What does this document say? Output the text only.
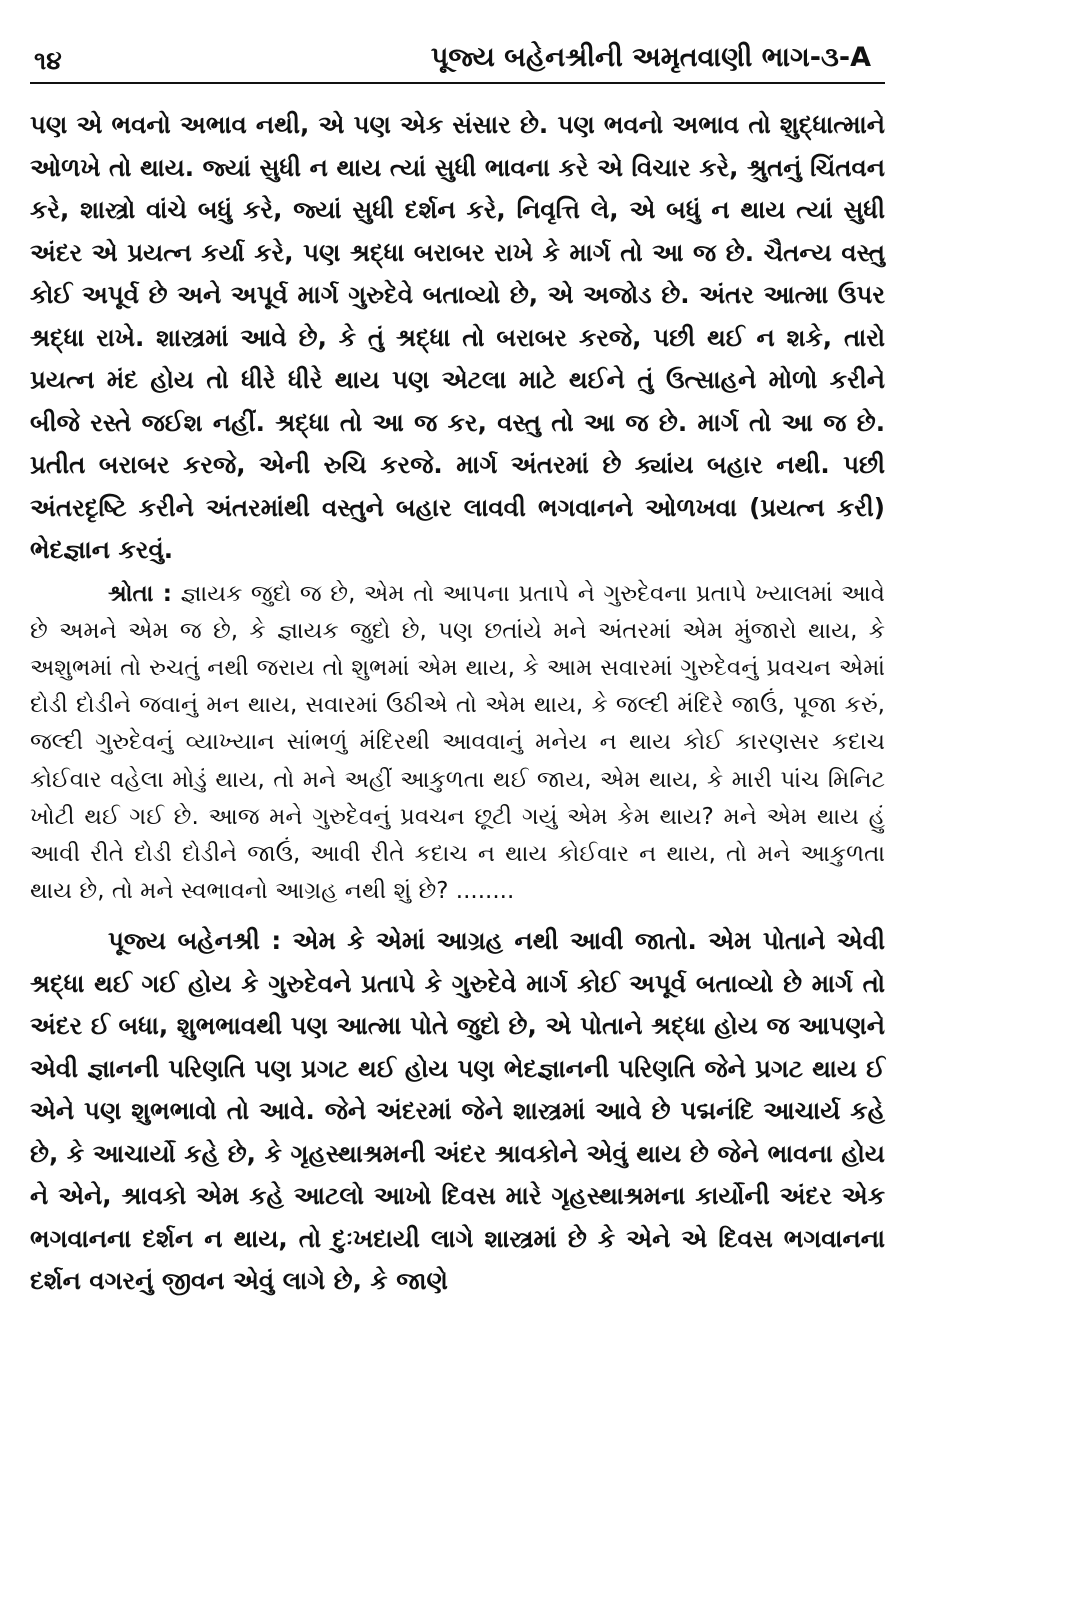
૧૪	પૂજ્ય બહેનશ્રીની અમૃતવાણી ભાગ-૩-A

પણ એ ભવનો અભાવ નથી, એ પણ એક સંસાર છે. પણ ભવનો અભાવ તો શુદ્ધાત્માને ઓળખે તો થાય. જ્યાં સુધી ન થાય ત્યાં સુધી ભાવના કરે એ વિચાર કરે, શ્રુતનું ચિંતવન કરે, શાસ્ત્રો વાંચે બધું કરે, જ્યાં સુધી દર્શન કરે, નિવૃત્તિ લે, એ બધું ન થાય ત્યાં સુધી અંદર એ પ્રયત્ન કર્યા કરે, પણ શ્રદ્ધા બરાબર રાખે કે માર્ગ તો આ જ છે. ચૈતન્ય વસ્તુ કોઈ અપૂર્વ છે અને અપૂર્વ માર્ગ ગુરુદેવે બતાવ્યો છે, એ અજોડ છે. અંતર આત્મા ઉપર શ્રદ્ધા રાખે. શાસ્ત્રમાં આવે છે, કે તું શ્રદ્ધા તો બરાબર કરજે, પછી થઈ ન શકે, તારો પ્રયત્ન મંદ હોય તો ધીરે ધીરે થાય પણ એટલા માટે થઈને તું ઉત્સાહને મોળો કરીને બીજે રસ્તે જઈશ નહીં. શ્રદ્ધા તો આ જ કર, વસ્તુ તો આ જ છે. માર્ગ તો આ જ છે. પ્રતીત બરાબર કરજે, એની રુચિ કરજે. માર્ગ અંતરમાં છે ક્યાંય બહાર નથી. પછી અંતરદૃષ્ટિ કરીને અંતરમાંથી વસ્તુને બહાર લાવવી ભગવાનને ઓળખવા (પ્રયત્ન કરી) ભેદજ્ઞાન કરવું.

શ્રોતા : જ્ઞાયક જુદો જ છે, એમ તો આપના પ્રતાપે ને ગુરુદેવના પ્રતાપે ખ્યાલમાં આવે છે અમને એમ જ છે, કે જ્ઞાયક જુદો છે, પણ છતાંયે મને અંતરમાં એમ મુંજારો થાય, કે અશુભમાં તો રુચતું નથી જરાય તો શુભમાં એમ થાય, કે આમ સવારમાં ગુરુદેવનું પ્રવચન એમાં દોડી દોડીને જવાનું મન થાય, સવારમાં ઉઠીએ તો એમ થાય, કે જલ્દી મંદિરે જાઉં, પૂજા કરું, જલ્દી ગુરુદેવનું વ્યાખ્યાન સાંભળું મંદિરથી આવવાનું મનેય ન થાય કોઈ કારણસર કદાચ કોઈવાર વહેલા મોડું થાય, તો મને અહીં આકુળતા થઈ જાય, એમ થાય, કે મારી પાંચ મિનિટ ખોટી થઈ ગઈ છે. આજ મને ગુરુદેવનું પ્રવચન છૂટી ગયું એમ કેમ થાય? મને એમ થાય હું આવી રીતે દોડી દોડીને જાઉં, આવી રીતે કદાચ ન થાય કોઈવાર ન થાય, તો મને આકુળતા થાય છે, તો મને સ્વભાવનો આગ્રહ નથી શું છે? ........

પૂજ્ય બહેનશ્રી : એમ કે એમાં આગ્રહ નથી આવી જાતો. એમ પોતાને એવી શ્રદ્ધા થઈ ગઈ હોય કે ગુરુદેવને પ્રતાપે કે ગુરુદેવે માર્ગ કોઈ અપૂર્વ બતાવ્યો છે માર્ગ તો અંદર ઈ બધા, શુભભાવથી પણ આત્મા પોતે જુદો છે, એ પોતાને શ્રદ્ધા હોય જ આપણને એવી જ્ઞાનની પરિણતિ પણ પ્રગટ થઈ હોય પણ ભેદજ્ઞાનની પરિણતિ જેને પ્રગટ થાય ઈ એને પણ શુભભાવો તો આવે. જેને અંદરમાં જેને શાસ્ત્રમાં આવે છે પદ્મનંદિ આચાર્ય કહે છે, કે આચાર્યો કહે છે, કે ગૃહસ્થાશ્રમની અંદર શ્રાવકોને એવું થાય છે જેને ભાવના હોય ને એને, શ્રાવકો એમ કહે આટલો આખો દિવસ મારે ગૃહસ્થાશ્રમના કાર્યોની અંદર એક ભગવાનના દર્શન ન થાય, તો દુઃખદાયી લાગે શાસ્ત્રમાં છે કે એને એ દિવસ ભગવાનના દર્શન વગરનું જીવન એવું લાગે છે, કે જાણે
